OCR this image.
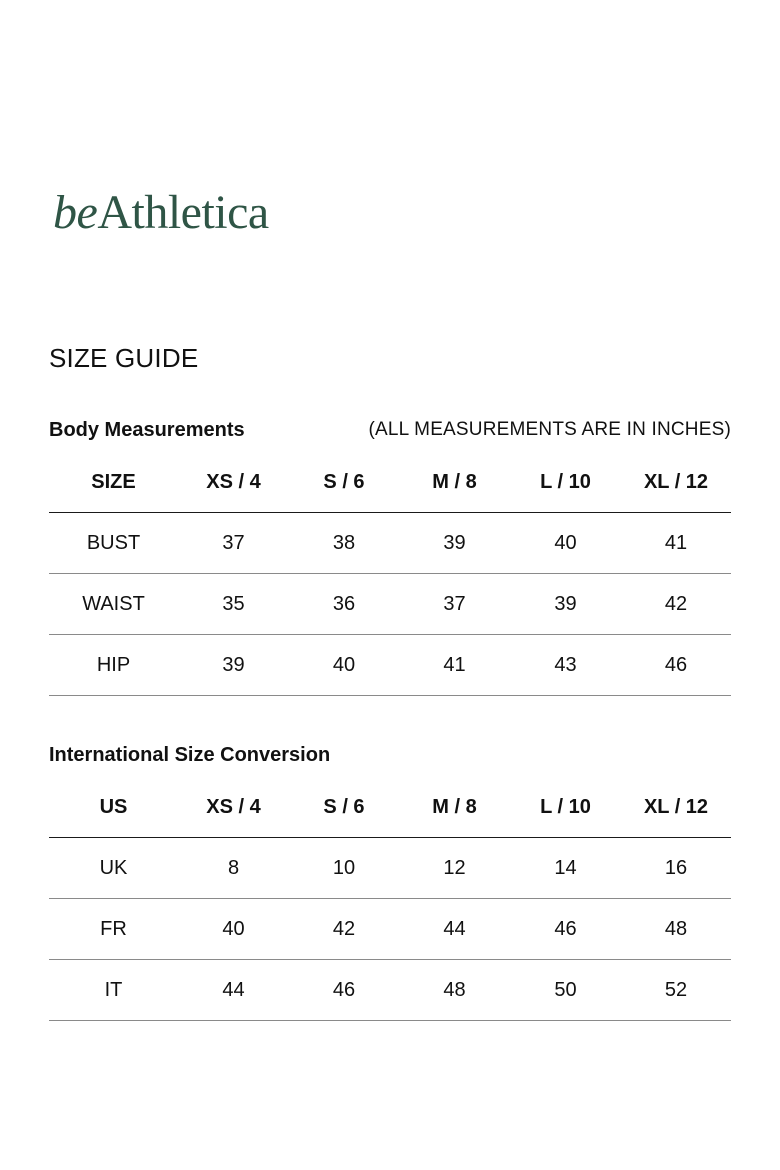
beAthletica
SIZE GUIDE
Body Measurements	(ALL MEASUREMENTS ARE IN INCHES)
SIZE	XS / 4	S / 6	M / 8	L / 10	XL / 12
BUST	37	38	39	40	41
WAIST	35	36	37	39	42
HIP	39	40	41	43	46
International Size Conversion
US	XS / 4	S / 6	M / 8	L / 10	XL / 12
UK	8	10	12	14	16
FR	40	42	44	46	48
IT	44	46	48	50	52
